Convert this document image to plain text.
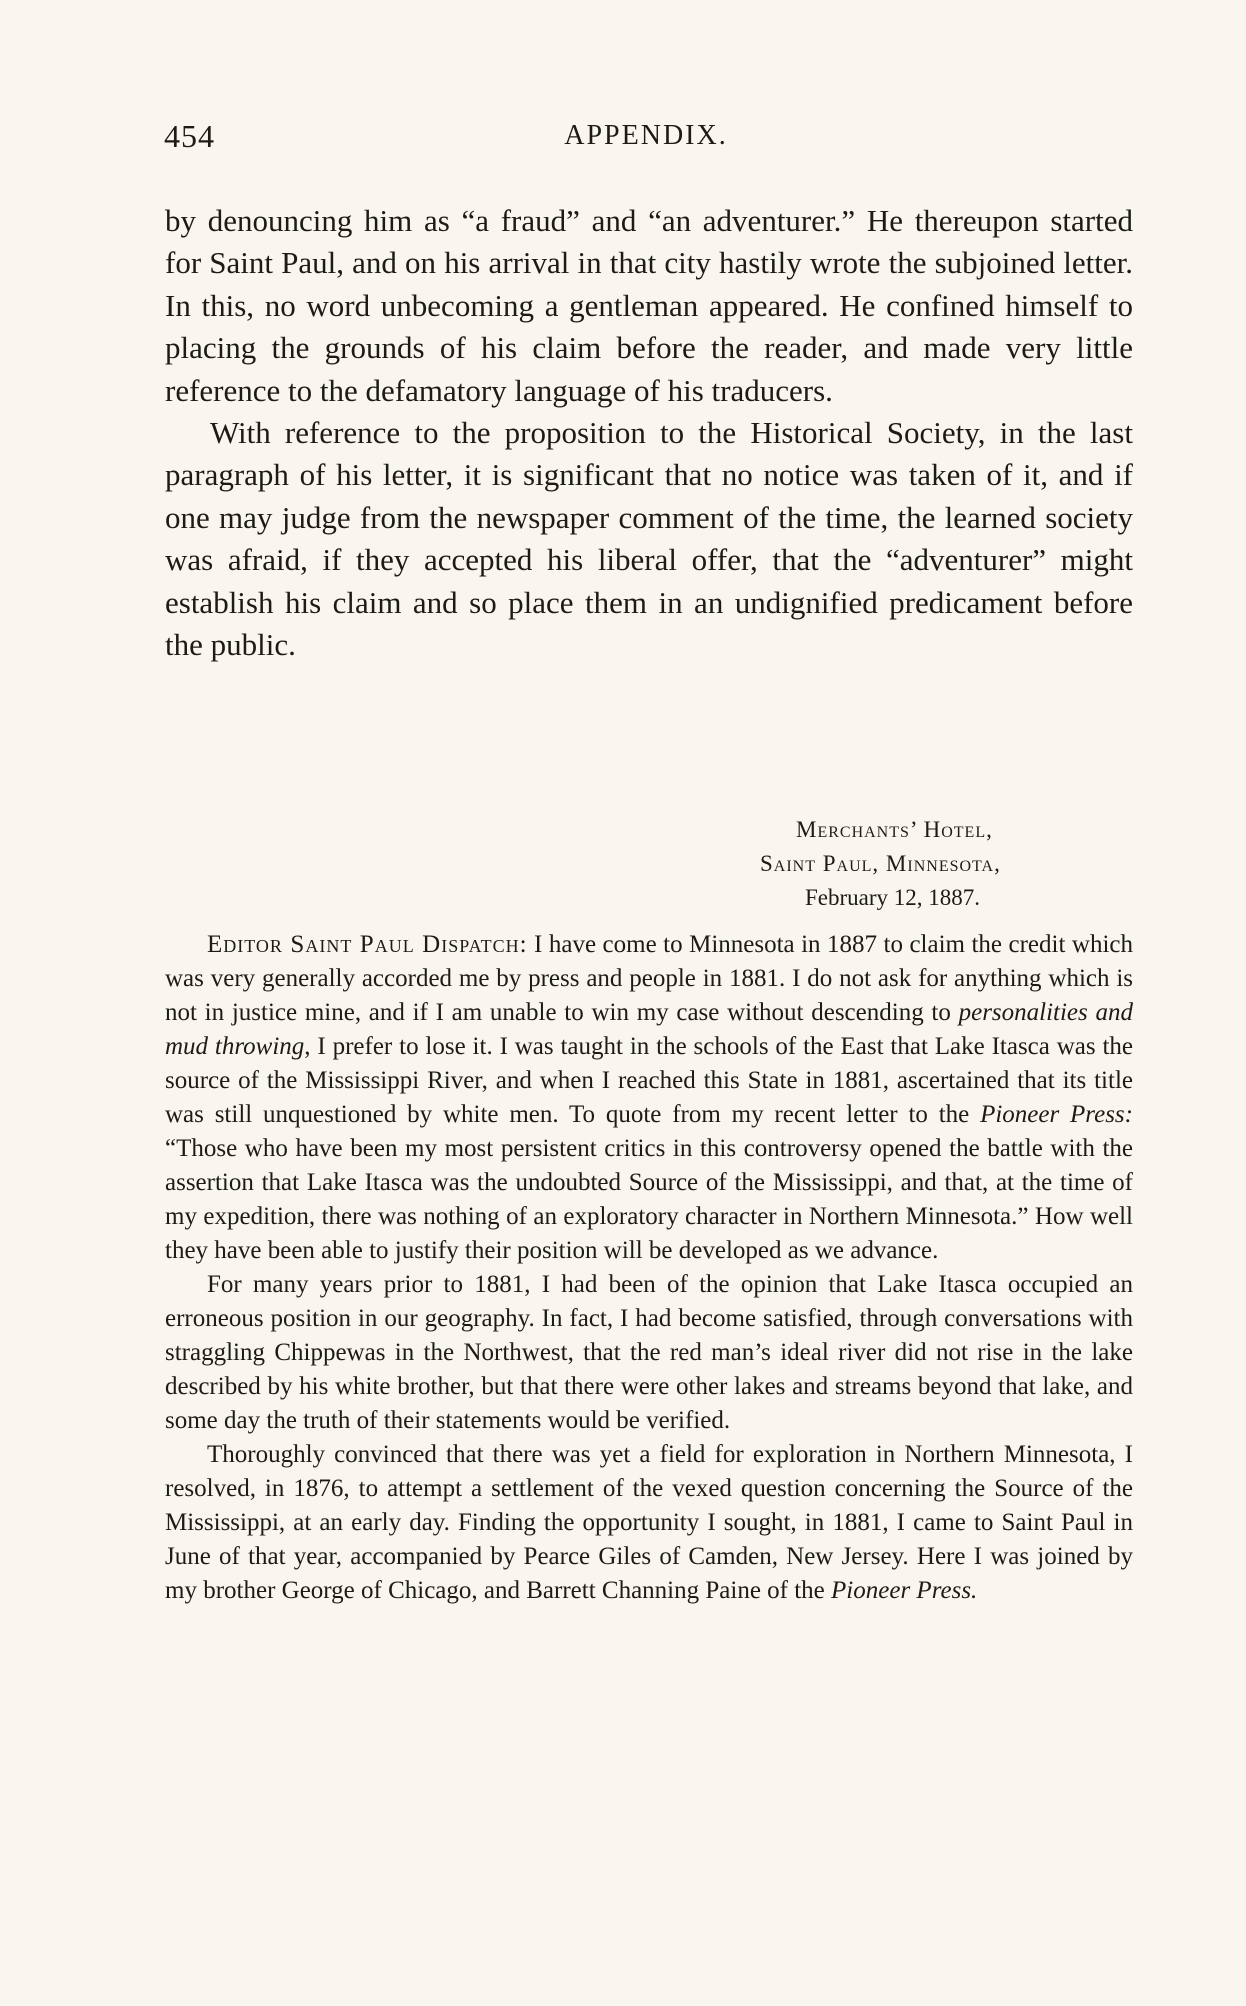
454	APPENDIX.

by denouncing him as “a fraud” and “an adventurer.” He thereupon started for Saint Paul, and on his arrival in that city hastily wrote the subjoined letter. In this, no word unbecoming a gentleman appeared. He confined himself to placing the grounds of his claim before the reader, and made very little reference to the defamatory language of his traducers.

With reference to the proposition to the Historical Society, in the last paragraph of his letter, it is significant that no notice was taken of it, and if one may judge from the newspaper comment of the time, the learned society was afraid, if they accepted his liberal offer, that the “adventurer” might establish his claim and so place them in an undignified predicament before the public.

Merchants’ Hotel,
Saint Paul, Minnesota,
February 12, 1887.

Editor Saint Paul Dispatch: I have come to Minnesota in 1887 to claim the credit which was very generally accorded me by press and people in 1881. I do not ask for anything which is not in justice mine, and if I am unable to win my case without descending to personalities and mud throwing, I prefer to lose it. I was taught in the schools of the East that Lake Itasca was the source of the Mississippi River, and when I reached this State in 1881, ascertained that its title was still unquestioned by white men. To quote from my recent letter to the Pioneer Press: “Those who have been my most persistent critics in this controversy opened the battle with the assertion that Lake Itasca was the undoubted Source of the Mississippi, and that, at the time of my expedition, there was nothing of an exploratory character in Northern Minnesota.” How well they have been able to justify their position will be developed as we advance.

For many years prior to 1881, I had been of the opinion that Lake Itasca occupied an erroneous position in our geography. In fact, I had become satisfied, through conversations with straggling Chippewas in the Northwest, that the red man’s ideal river did not rise in the lake described by his white brother, but that there were other lakes and streams beyond that lake, and some day the truth of their statements would be verified.

Thoroughly convinced that there was yet a field for exploration in Northern Minnesota, I resolved, in 1876, to attempt a settlement of the vexed question concerning the Source of the Mississippi, at an early day. Finding the opportunity I sought, in 1881, I came to Saint Paul in June of that year, accompanied by Pearce Giles of Camden, New Jersey. Here I was joined by my brother George of Chicago, and Barrett Channing Paine of the Pioneer Press.
